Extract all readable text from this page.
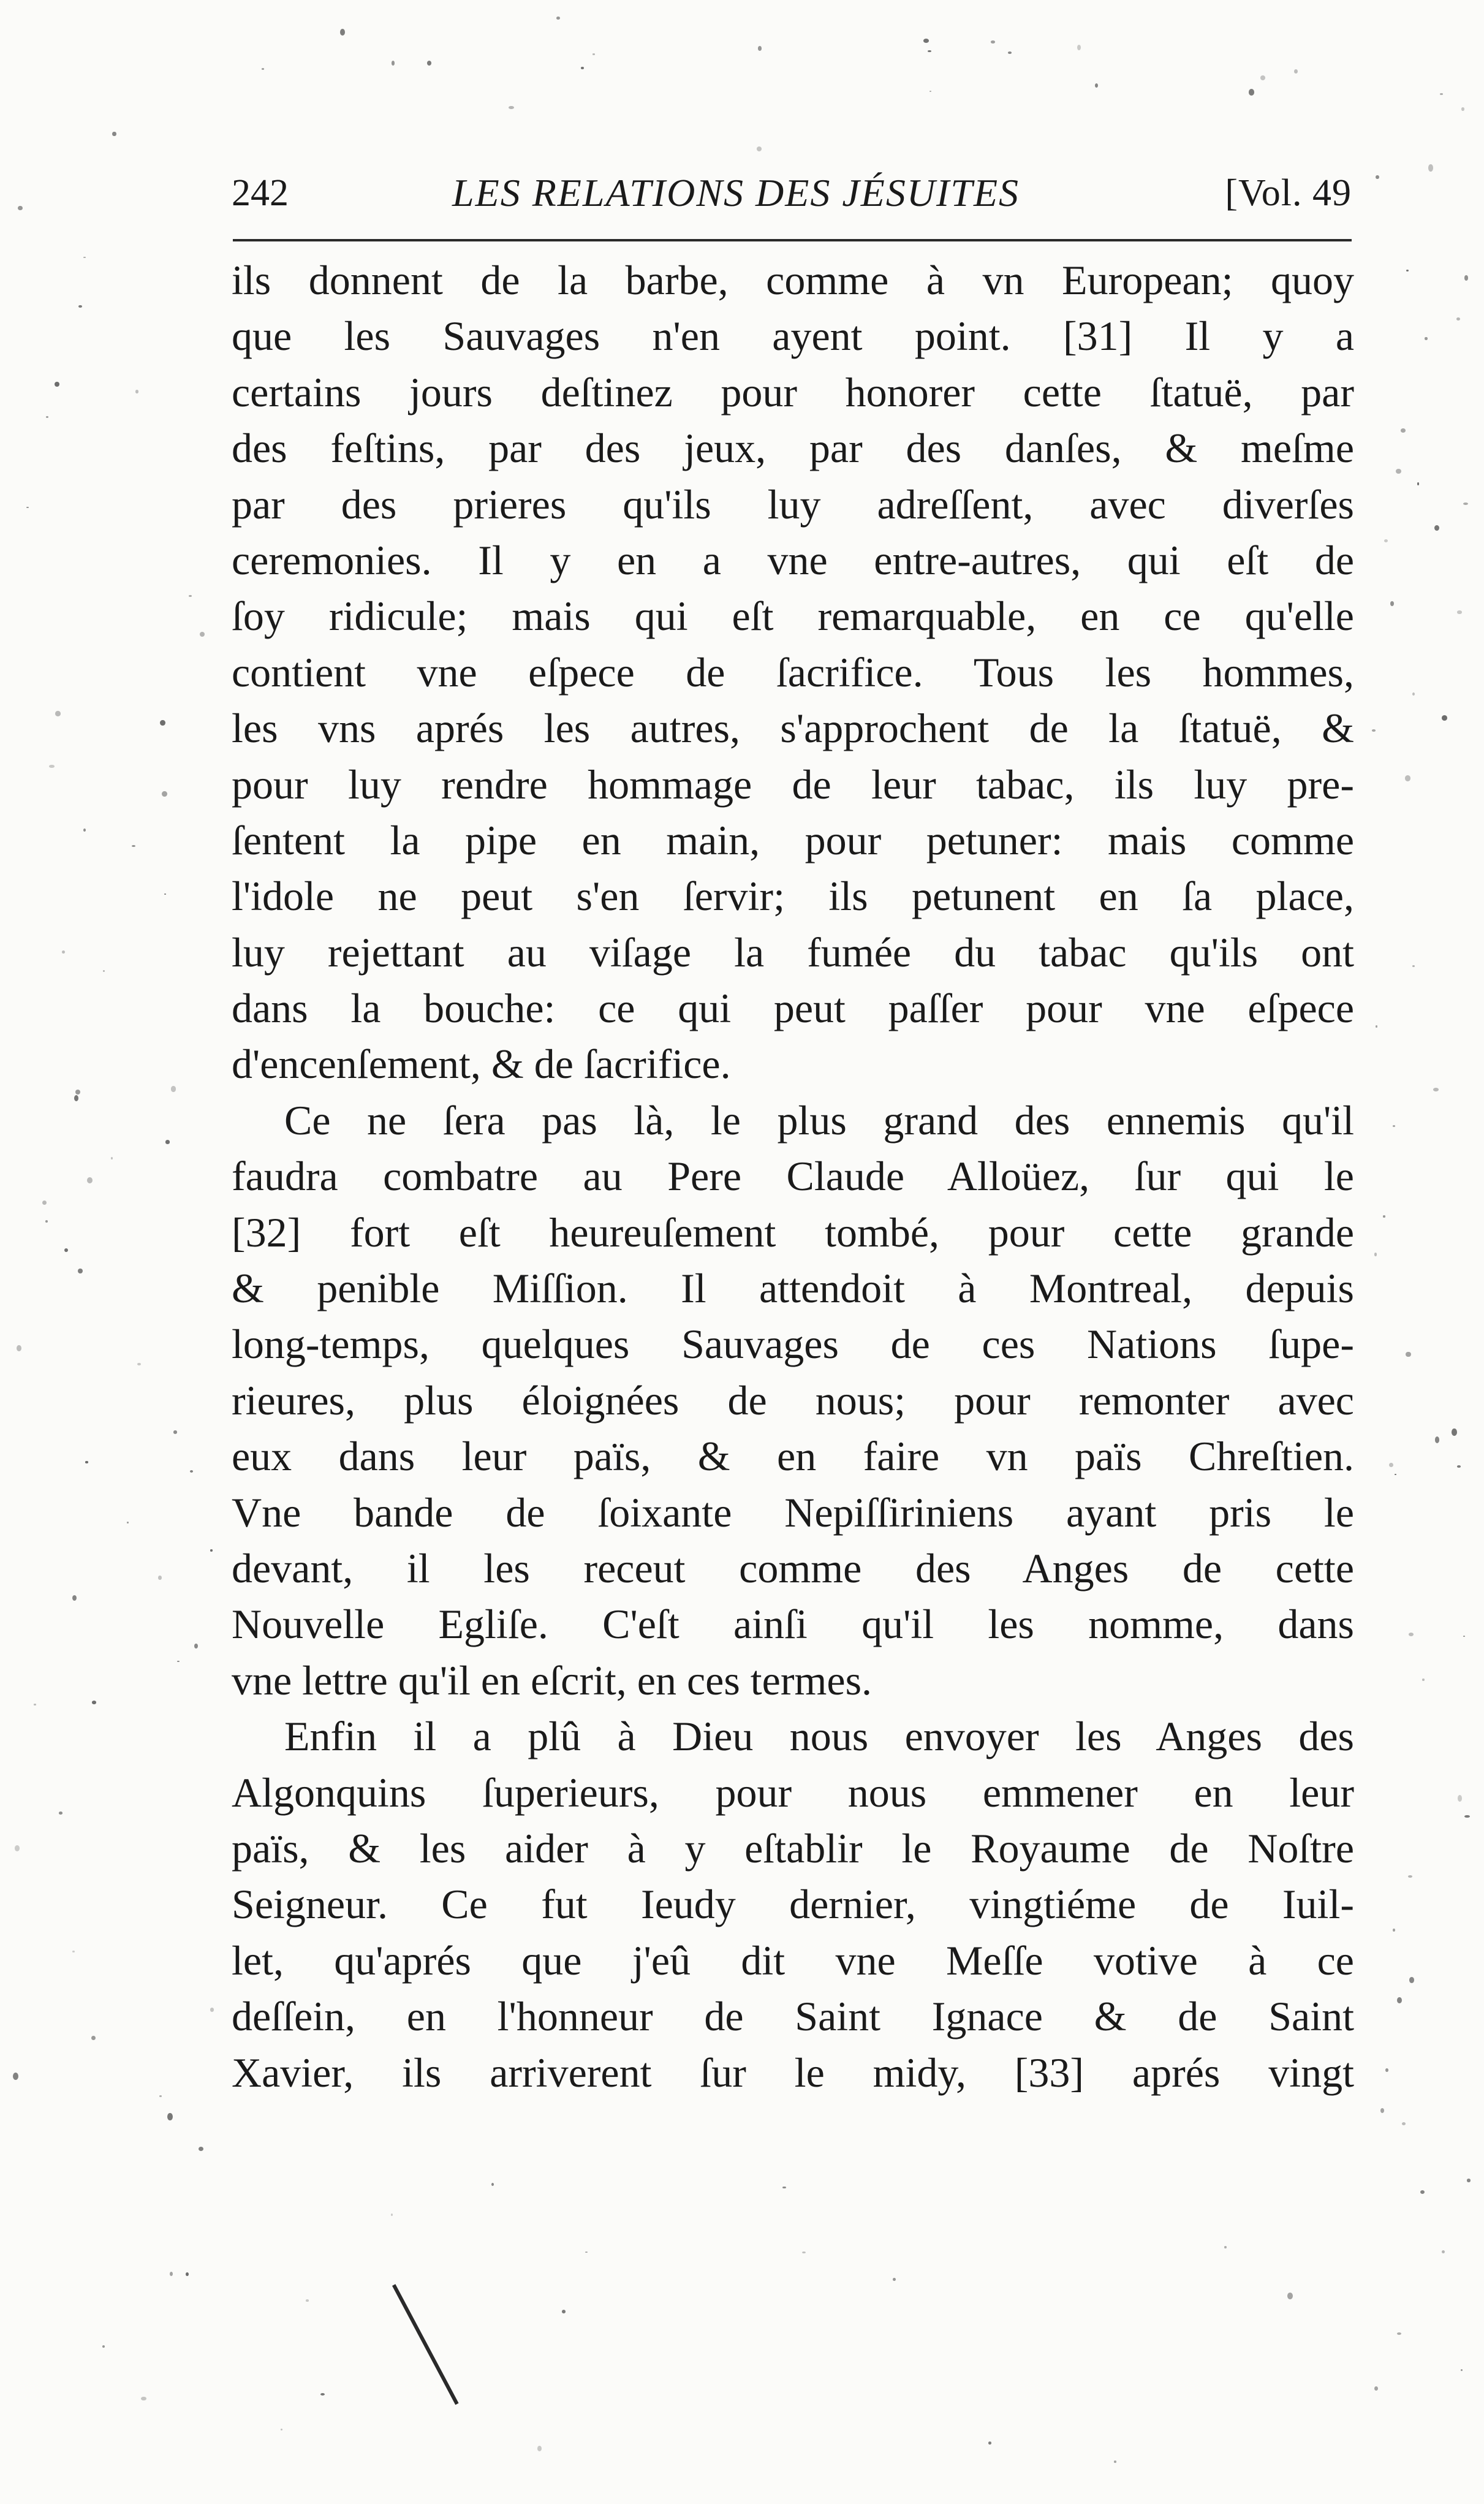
242	LES RELATIONS DES JÉSUITES	[Vol. 49
ils donnent de la barbe, comme à vn European; quoy
que les Sauvages n'en ayent point. [31] Il y a
certains jours deſtinez pour honorer cette ſtatuë, par
des feſtins, par des jeux, par des danſes, & meſme
par des prieres qu'ils luy adreſſent, avec diverſes
ceremonies. Il y en a vne entre-autres, qui eſt de
ſoy ridicule; mais qui eſt remarquable, en ce qu'elle
contient vne eſpece de ſacrifice. Tous les hommes,
les vns aprés les autres, s'approchent de la ſtatuë, &
pour luy rendre hommage de leur tabac, ils luy pre-
ſentent la pipe en main, pour petuner: mais comme
l'idole ne peut s'en ſervir; ils petunent en ſa place,
luy rejettant au viſage la fumée du tabac qu'ils ont
dans la bouche: ce qui peut paſſer pour vne eſpece
d'encenſement, & de ſacrifice.
Ce ne ſera pas là, le plus grand des ennemis qu'il
faudra combatre au Pere Claude Alloüez, ſur qui le
[32] fort eſt heureuſement tombé, pour cette grande
& penible Miſſion. Il attendoit à Montreal, depuis
long-temps, quelques Sauvages de ces Nations ſupe-
rieures, plus éloignées de nous; pour remonter avec
eux dans leur païs, & en faire vn païs Chreſtien.
Vne bande de ſoixante Nepiſſiriniens ayant pris le
devant, il les receut comme des Anges de cette
Nouvelle Egliſe. C'eſt ainſi qu'il les nomme, dans
vne lettre qu'il en eſcrit, en ces termes.
Enfin il a plû à Dieu nous envoyer les Anges des
Algonquins ſuperieurs, pour nous emmener en leur
païs, & les aider à y eſtablir le Royaume de Noſtre
Seigneur. Ce fut Ieudy dernier, vingtiéme de Iuil-
let, qu'aprés que j'eû dit vne Meſſe votive à ce
deſſein, en l'honneur de Saint Ignace & de Saint
Xavier, ils arriverent ſur le midy, [33] aprés vingt
